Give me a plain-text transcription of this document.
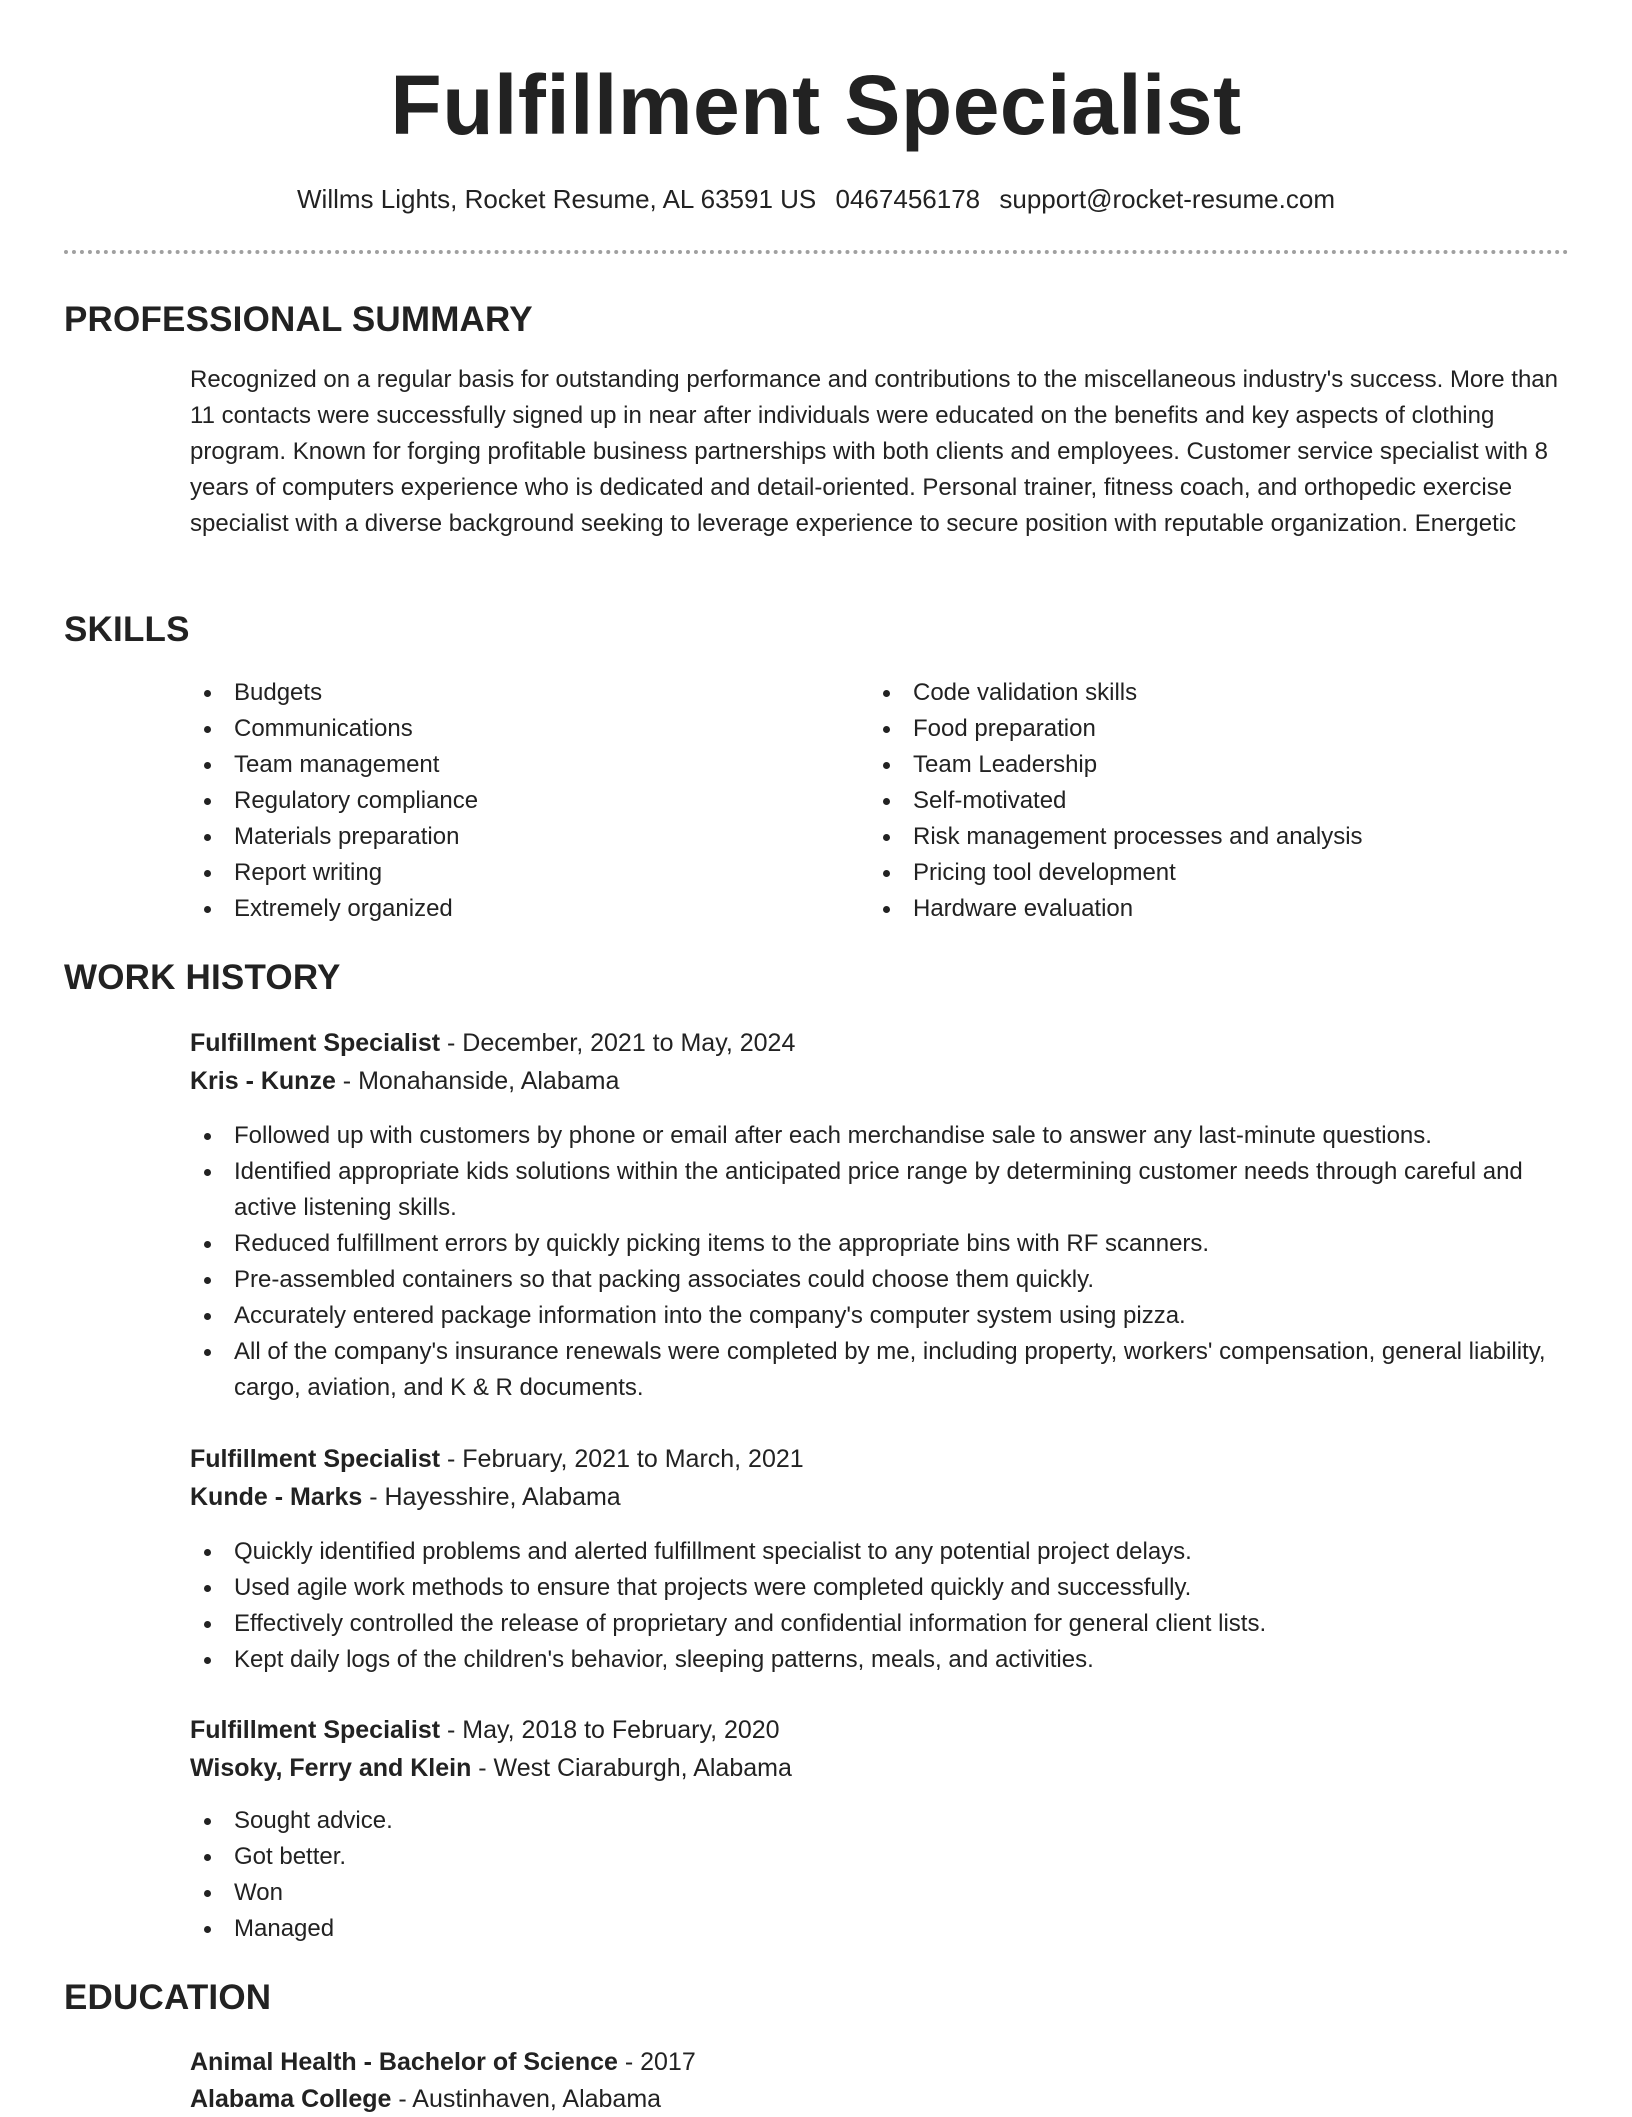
Fulfillment Specialist
Willms Lights, Rocket Resume, AL 63591 US 0467456178 support@rocket-resume.com
PROFESSIONAL SUMMARY

Recognized on a regular basis for outstanding performance and contributions to the miscellaneous industry's success. More than 11 contacts were successfully signed up in near after individuals were educated on the benefits and key aspects of clothing program. Known for forging profitable business partnerships with both clients and employees. Customer service specialist with 8 years of computers experience who is dedicated and detail-oriented. Personal trainer, fitness coach, and orthopedic exercise specialist with a diverse background seeking to leverage experience to secure position with reputable organization. Energetic

SKILLS
Budgets
Communications
Team management
Regulatory compliance
Materials preparation
Report writing
Extremely organized
Code validation skills
Food preparation
Team Leadership
Self-motivated
Risk management processes and analysis
Pricing tool development
Hardware evaluation
WORK HISTORY
Fulfillment Specialist - December, 2021 to May, 2024
Kris - Kunze - Monahanside, Alabama
Followed up with customers by phone or email after each merchandise sale to answer any last-minute questions.
Identified appropriate kids solutions within the anticipated price range by determining customer needs through careful and active listening skills.
Reduced fulfillment errors by quickly picking items to the appropriate bins with RF scanners.
Pre-assembled containers so that packing associates could choose them quickly.
Accurately entered package information into the company's computer system using pizza.
All of the company's insurance renewals were completed by me, including property, workers' compensation, general liability, cargo, aviation, and K & R documents.
Fulfillment Specialist - February, 2021 to March, 2021
Kunde - Marks - Hayesshire, Alabama
Quickly identified problems and alerted fulfillment specialist to any potential project delays.
Used agile work methods to ensure that projects were completed quickly and successfully.
Effectively controlled the release of proprietary and confidential information for general client lists.
Kept daily logs of the children's behavior, sleeping patterns, meals, and activities.
Fulfillment Specialist - May, 2018 to February, 2020
Wisoky, Ferry and Klein - West Ciaraburgh, Alabama
Sought advice.
Got better.
Won
Managed
EDUCATION
Animal Health - Bachelor of Science - 2017
Alabama College - Austinhaven, Alabama
